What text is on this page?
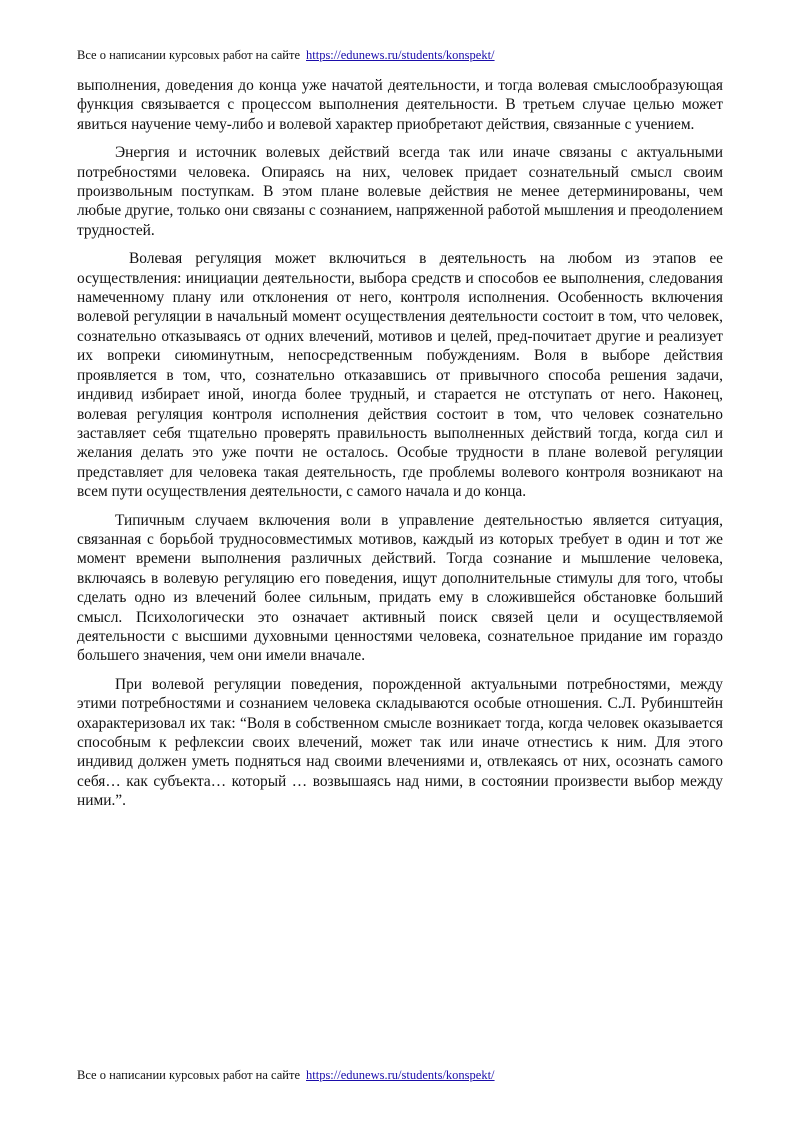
Все о написании курсовых работ на сайте https://edunews.ru/students/konspekt/

выполнения, доведения до конца уже начатой деятельности, и тогда волевая смыслообразующая функция связывается с процессом выполнения деятельности. В третьем случае целью может явиться научение чему-либо и волевой характер приобретают действия, связанные с учением.

Энергия и источник волевых действий всегда так или иначе связаны с актуальными потребностями человека. Опираясь на них, человек придает сознательный смысл своим произвольным поступкам. В этом плане волевые действия не менее детерминированы, чем любые другие, только они связаны с сознанием, напряженной работой мышления и преодолением трудностей.

Волевая регуляция может включиться в деятельность на любом из этапов ее осуществления: инициации деятельности, выбора средств и способов ее выполнения, следования намеченному плану или отклонения от него, контроля исполнения. Особенность включения волевой регуляции в начальный момент осуществления деятельности состоит в том, что человек, сознательно отказываясь от одних влечений, мотивов и целей, пред-почитает другие и реализует их вопреки сиюминутным, непосредственным побуждениям. Воля в выборе действия проявляется в том, что, сознательно отказавшись от привычного способа решения задачи, индивид избирает иной, иногда более трудный, и старается не отступать от него. Наконец, волевая регуляция контроля исполнения действия состоит в том, что человек сознательно заставляет себя тщательно проверять правильность выполненных действий тогда, когда сил и желания делать это уже почти не осталось. Особые трудности в плане волевой регуляции представляет для человека такая деятельность, где проблемы волевого контроля возникают на всем пути осуществления деятельности, с самого начала и до конца.

Типичным случаем включения воли в управление деятельностью является ситуация, связанная с борьбой трудносовместимых мотивов, каждый из которых требует в один и тот же момент времени выполнения различных действий. Тогда сознание и мышление человека, включаясь в волевую регуляцию его поведения, ищут дополнительные стимулы для того, чтобы сделать одно из влечений более сильным, придать ему в сложившейся обстановке больший смысл. Психологически это означает активный поиск связей цели и осуществляемой деятельности с высшими духовными ценностями человека, сознательное придание им гораздо большего значения, чем они имели вначале.

При волевой регуляции поведения, порожденной актуальными потребностями, между этими потребностями и сознанием человека складываются особые отношения. С.Л. Рубинштейн охарактеризовал их так: “Воля в собственном смысле возникает тогда, когда человек оказывается способным к рефлексии своих влечений, может так или иначе отнестись к ним. Для этого индивид должен уметь подняться над своими влечениями и, отвлекаясь от них, осознать самого себя… как субъекта… который … возвышаясь над ними, в состоянии произвести выбор между ними.”.

Все о написании курсовых работ на сайте https://edunews.ru/students/konspekt/
